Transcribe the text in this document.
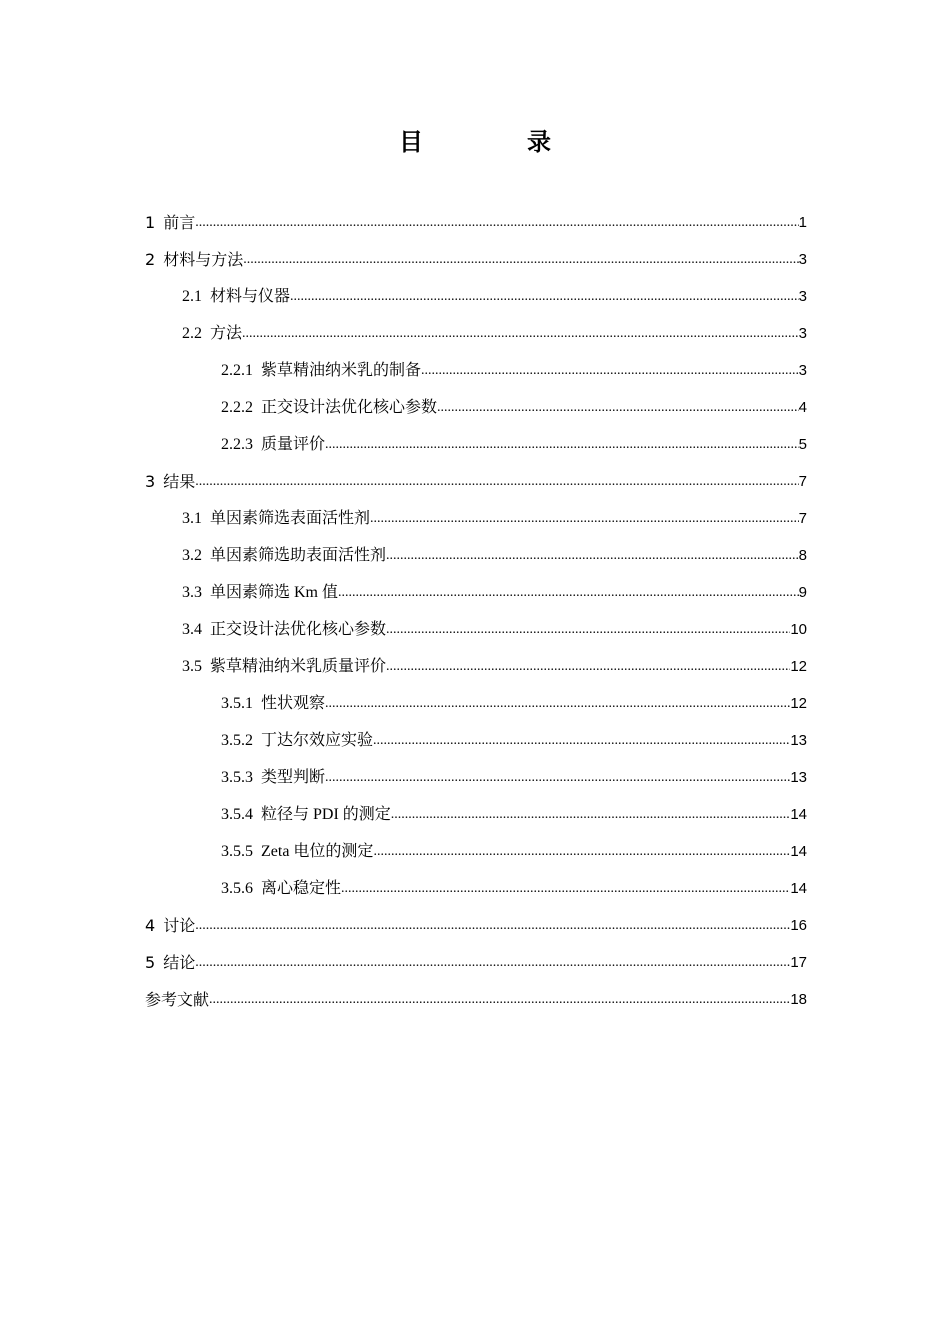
目　录
1 前言 .....	1
2 材料与方法 .....	3
2.1 材料与仪器 .....	3
2.2 方法 .....	3
2.2.1 紫草精油纳米乳的制备 .....	3
2.2.2 正交设计法优化核心参数 .....	4
2.2.3 质量评价 .....	5
3 结果 .....	7
3.1 单因素筛选表面活性剂 .....	7
3.2 单因素筛选助表面活性剂 .....	8
3.3 单因素筛选 Km 值 .....	9
3.4 正交设计法优化核心参数 .....	10
3.5 紫草精油纳米乳质量评价 .....	12
3.5.1 性状观察 .....	12
3.5.2 丁达尔效应实验 .....	13
3.5.3 类型判断 .....	13
3.5.4 粒径与 PDI 的测定 .....	14
3.5.5 Zeta 电位的测定 .....	14
3.5.6 离心稳定性 .....	14
4 讨论 .....	16
5 结论 .....	17
参考文献 .....	18
